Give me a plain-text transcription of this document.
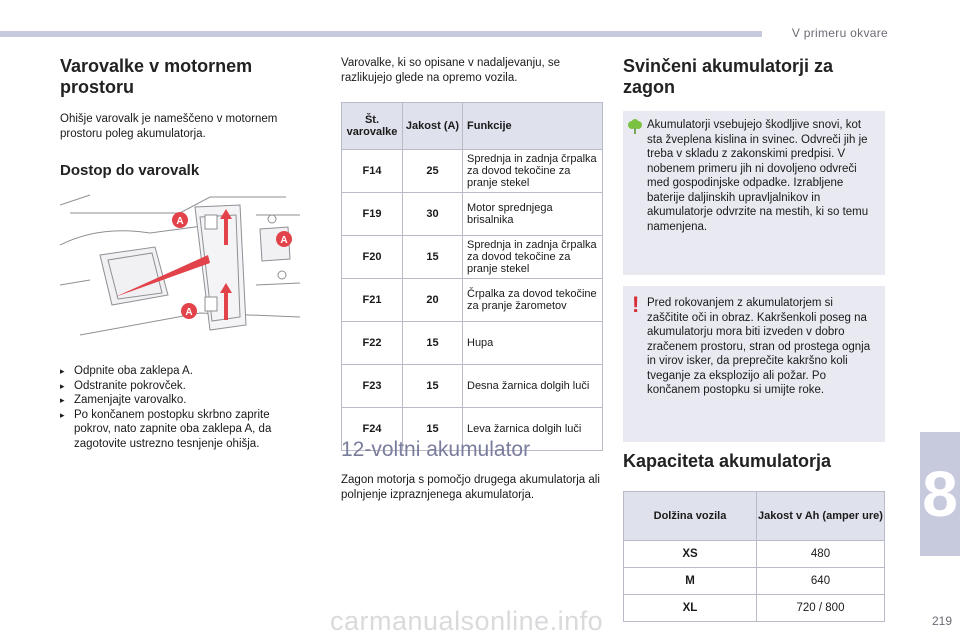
V primeru okvare
8
219
Varovalke v motornem prostoru

Ohišje varovalk je nameščeno v motornem prostoru poleg akumulatorja.

Dostop do varovalk
A
A
A
▸ Odpnite oba zaklepa A.
▸ Odstranite pokrovček.
▸ Zamenjajte varovalko.
▸ Po končanem postopku skrbno zaprite pokrov, nato zapnite oba zaklepa A, da zagotovite ustrezno tesnjenje ohišja.

Varovalke, ki so opisane v nadaljevanju, se razlikujejo glede na opremo vozila.

Št. varovalke	Jakost (A)	Funkcije
F14	25	Sprednja in zadnja črpalka za dovod tekočine za pranje stekel
F19	30	Motor sprednjega brisalnika
F20	15	Sprednja in zadnja črpalka za dovod tekočine za pranje stekel
F21	20	Črpalka za dovod tekočine za pranje žarometov
F22	15	Hupa
F23	15	Desna žarnica dolgih luči
F24	15	Leva žarnica dolgih luči
12-voltni akumulator

Zagon motorja s pomočjo drugega akumulatorja ali polnjenje izpraznjenega akumulatorja.

Svinčeni akumulatorji za zagon

Akumulatorji vsebujejo škodljive snovi, kot sta žveplena kislina in svinec. Odvreči jih je treba v skladu z zakonskimi predpisi. V nobenem primeru jih ni dovoljeno odvreči med gospodinjske odpadke. Izrabljene baterije daljinskih upravljalnikov in akumulatorje odvrzite na mestih, ki so temu namenjena.

! Pred rokovanjem z akumulatorjem si zaščitite oči in obraz. Kakršenkoli poseg na akumulatorju mora biti izveden v dobro zračenem prostoru, stran od prostega ognja in virov isker, da preprečite kakršno koli tveganje za eksplozijo ali požar. Po končanem postopku si umijte roke.

Kapaciteta akumulatorja
Dolžina vozila	Jakost v Ah (amper ure)
XS	480
M	640
XL	720 / 800
carmanualsonline.info
